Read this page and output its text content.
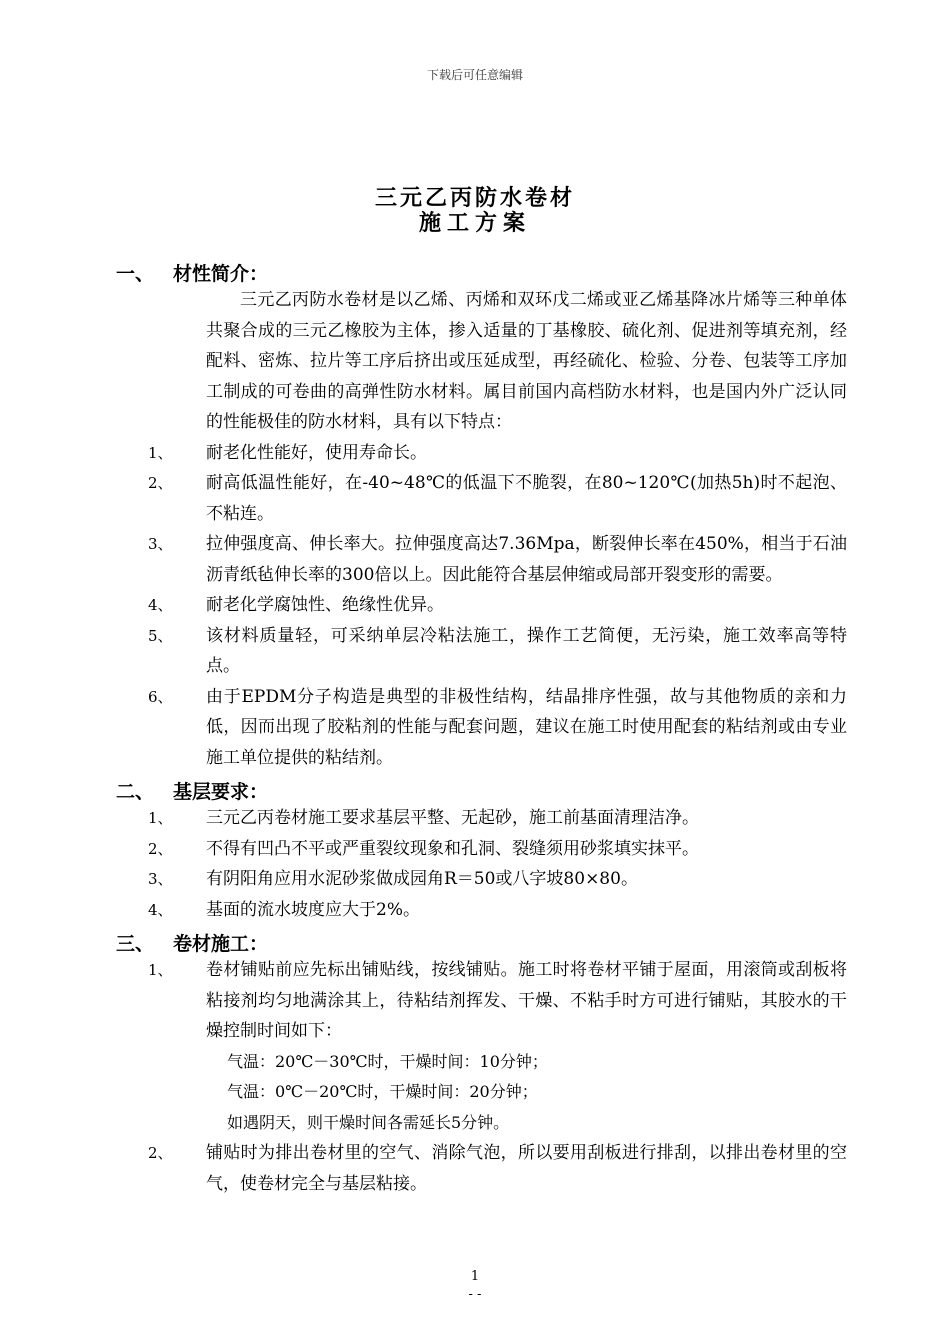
下载后可任意编辑
三元乙丙防水卷材
施工方案
一、 材性简介：

三元乙丙防水卷材是以乙烯、丙烯和双环戊二烯或亚乙烯基降冰片烯等三种单体共聚合成的三元乙橡胶为主体，掺入适量的丁基橡胶、硫化剂、促进剂等填充剂，经配料、密炼、拉片等工序后挤出或压延成型，再经硫化、检验、分卷、包装等工序加工制成的可卷曲的高弹性防水材料。属目前国内高档防水材料，也是国内外广泛认同的性能极佳的防水材料，具有以下特点：

1、 耐老化性能好，使用寿命长。
2、 耐高低温性能好，在-40~48℃的低温下不脆裂，在80~120℃(加热5h)时不起泡、不粘连。
3、 拉伸强度高、伸长率大。拉伸强度高达7.36Mpa，断裂伸长率在450%，相当于石油沥青纸毡伸长率的300倍以上。因此能符合基层伸缩或局部开裂变形的需要。
4、 耐老化学腐蚀性、绝缘性优异。
5、 该材料质量轻，可采纳单层冷粘法施工，操作工艺简便，无污染，施工效率高等特点。
6、 由于EPDM分子构造是典型的非极性结构，结晶排序性强，故与其他物质的亲和力低，因而出现了胶粘剂的性能与配套问题，建议在施工时使用配套的粘结剂或由专业施工单位提供的粘结剂。
二、 基层要求：
1、 三元乙丙卷材施工要求基层平整、无起砂，施工前基面清理洁净。
2、 不得有凹凸不平或严重裂纹现象和孔洞、裂缝须用砂浆填实抹平。
3、 有阴阳角应用水泥砂浆做成园角R＝50或八字坡80×80。
4、 基面的流水坡度应大于2%。
三、 卷材施工：
1、 卷材铺贴前应先标出铺贴线，按线铺贴。施工时将卷材平铺于屋面，用滚筒或刮板将粘接剂均匀地满涂其上，待粘结剂挥发、干燥、不粘手时方可进行铺贴，其胶水的干燥控制时间如下：
气温：20℃－30℃时，干燥时间：10分钟；
气温：0℃－20℃时，干燥时间：20分钟；
如遇阴天，则干燥时间各需延长5分钟。
2、 铺贴时为排出卷材里的空气、消除气泡，所以要用刮板进行排刮，以排出卷材里的空气，使卷材完全与基层粘接。
1
- -
